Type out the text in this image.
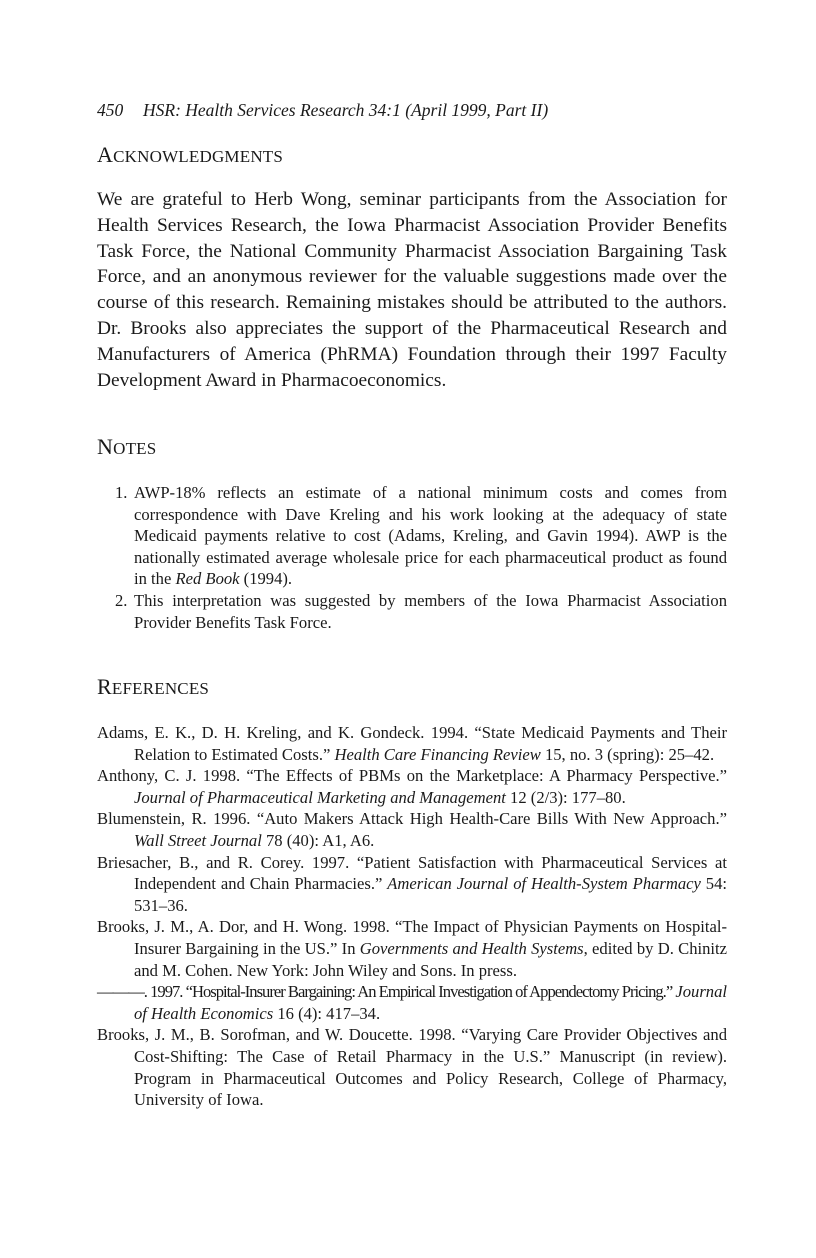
450 HSR: Health Services Research 34:1 (April 1999, Part II)
ACKNOWLEDGMENTS

We are grateful to Herb Wong, seminar participants from the Association for Health Services Research, the Iowa Pharmacist Association Provider Benefits Task Force, the National Community Pharmacist Association Bargaining Task Force, and an anonymous reviewer for the valuable suggestions made over the course of this research. Remaining mistakes should be attributed to the authors. Dr. Brooks also appreciates the support of the Pharmaceutical Research and Manufacturers of America (PhRMA) Foundation through their 1997 Faculty Development Award in Pharmacoeconomics.

NOTES
1. AWP-18% reflects an estimate of a national minimum costs and comes from correspondence with Dave Kreling and his work looking at the adequacy of state Medicaid payments relative to cost (Adams, Kreling, and Gavin 1994). AWP is the nationally estimated average wholesale price for each pharmaceutical product as found in the Red Book (1994).
2. This interpretation was suggested by members of the Iowa Pharmacist Association Provider Benefits Task Force.
REFERENCES
Adams, E. K., D. H. Kreling, and K. Gondeck. 1994. “State Medicaid Payments and Their Relation to Estimated Costs.” Health Care Financing Review 15, no. 3 (spring): 25–42.
Anthony, C. J. 1998. “The Effects of PBMs on the Marketplace: A Pharmacy Perspective.” Journal of Pharmaceutical Marketing and Management 12 (2/3): 177–80.
Blumenstein, R. 1996. “Auto Makers Attack High Health-Care Bills With New Approach.” Wall Street Journal 78 (40): A1, A6.
Briesacher, B., and R. Corey. 1997. “Patient Satisfaction with Pharmaceutical Services at Independent and Chain Pharmacies.” American Journal of Health-System Pharmacy 54: 531–36.
Brooks, J. M., A. Dor, and H. Wong. 1998. “The Impact of Physician Payments on Hospital-Insurer Bargaining in the US.” In Governments and Health Systems, edited by D. Chinitz and M. Cohen. New York: John Wiley and Sons. In press.
———. 1997. “Hospital-Insurer Bargaining: An Empirical Investigation of Appendectomy Pricing.” Journal of Health Economics 16 (4): 417–34.
Brooks, J. M., B. Sorofman, and W. Doucette. 1998. “Varying Care Provider Objectives and Cost-Shifting: The Case of Retail Pharmacy in the U.S.” Manuscript (in review). Program in Pharmaceutical Outcomes and Policy Research, College of Pharmacy, University of Iowa.
